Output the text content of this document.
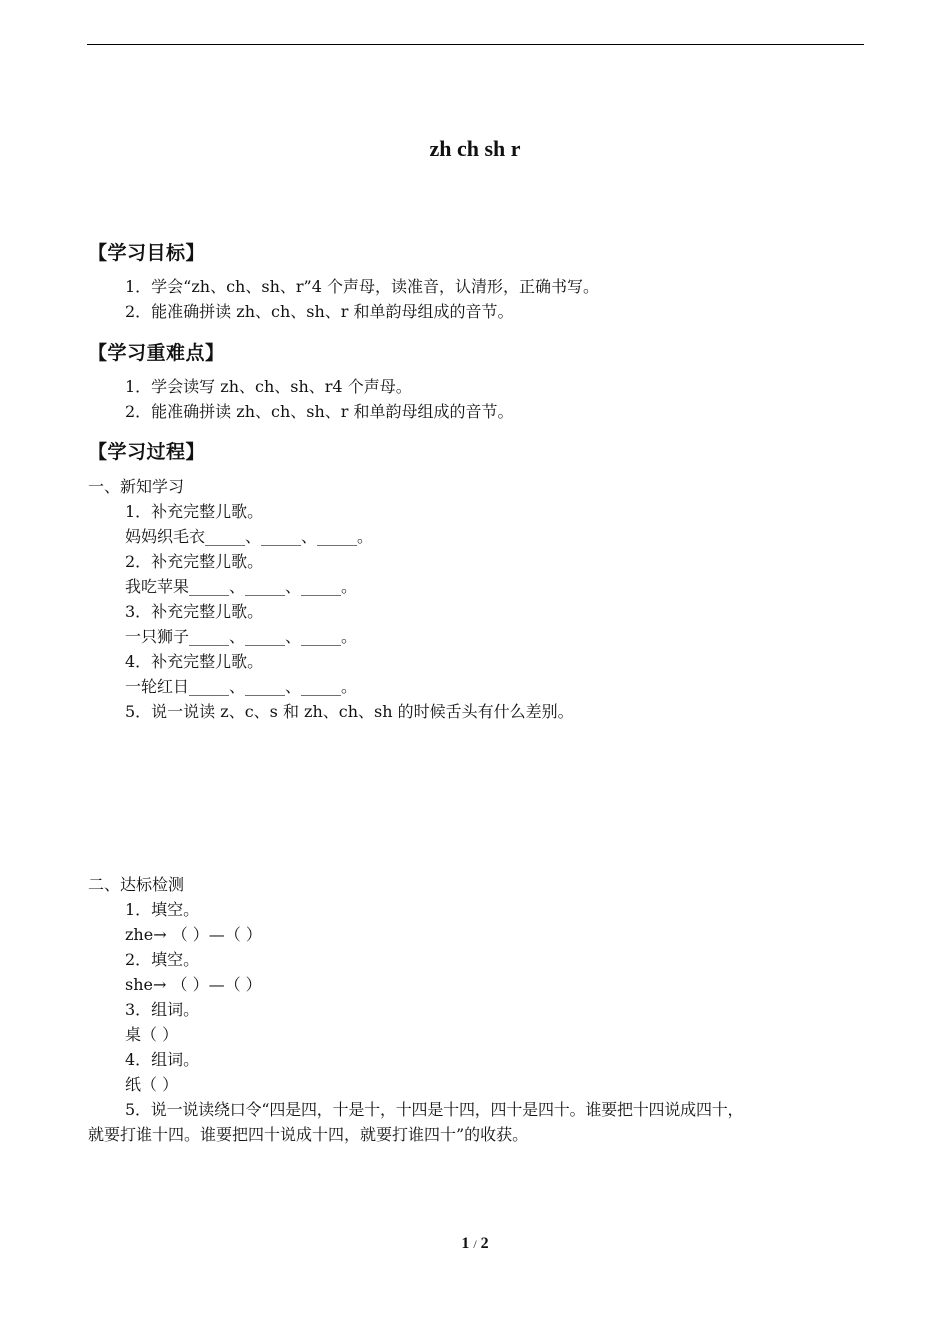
zh ch sh r
【学习目标】
1．学会“zh、ch、sh、r”4 个声母，读准音，认清形，正确书写。
2．能准确拼读 zh、ch、sh、r 和单韵母组成的音节。
【学习重难点】
1．学会读写 zh、ch、sh、r4 个声母。
2．能准确拼读 zh、ch、sh、r 和单韵母组成的音节。
【学习过程】
一、新知学习
1．补充完整儿歌。
妈妈织毛衣_____、_____、_____。
2．补充完整儿歌。
我吃苹果_____、_____、_____。
3．补充完整儿歌。
一只狮子_____、_____、_____。
4．补充完整儿歌。
一轮红日_____、_____、_____。
5．说一说读 z、c、s 和 zh、ch、sh 的时候舌头有什么差别。
二、达标检测
1．填空。
zhe→ （ ）—（ ）
2．填空。
she→ （ ）—（ ）
3．组词。
桌（ ）
4．组词。
纸（ ）
5．说一说读绕口令“四是四，十是十，十四是十四，四十是四十。谁要把十四说成四十，
就要打谁十四。谁要把四十说成十四，就要打谁四十”的收获。
1 / 2
